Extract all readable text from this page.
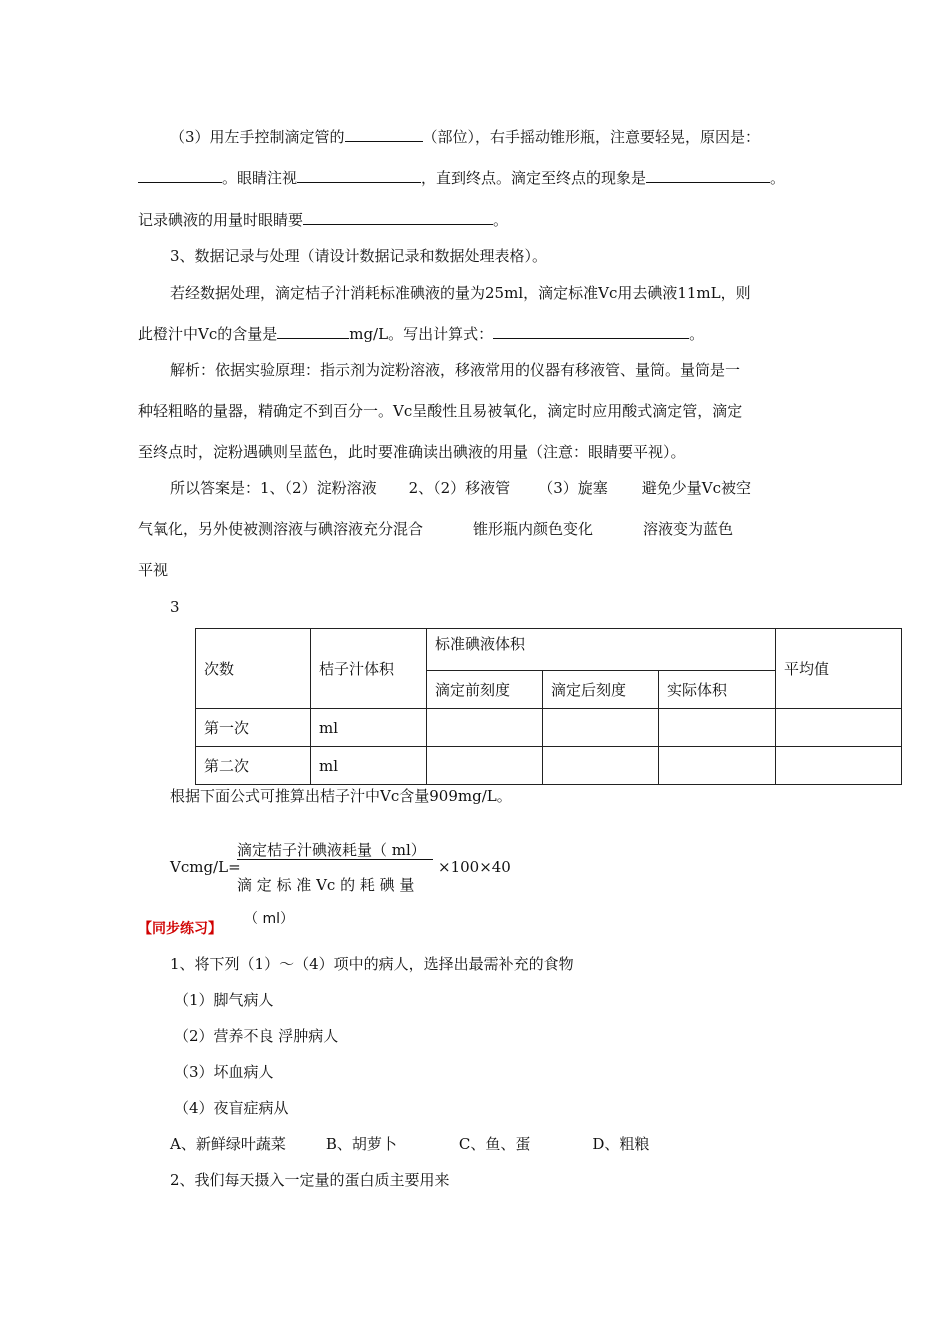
（3）用左手控制滴定管的	（部位），右手摇动锥形瓶，注意要轻晃，原因是：
。眼睛注视	，直到终点。滴定至终点的现象是	。
记录碘液的用量时眼睛要	。
3、数据记录与处理（请设计数据记录和数据处理表格）。
若经数据处理，滴定桔子汁消耗标准碘液的量为25ml，滴定标准Vc用去碘液11mL，则
此橙汁中Vc的含量是	mg/L。写出计算式：	。
解析：依据实验原理：指示剂为淀粉溶液，移液常用的仪器有移液管、量筒。量筒是一
种轻粗略的量器，精确定不到百分一。Vc呈酸性且易被氧化，滴定时应用酸式滴定管，滴定
至终点时，淀粉遇碘则呈蓝色，此时要准确读出碘液的用量（注意：眼睛要平视）。
所以答案是：1、（2）淀粉溶液 2、（2）移液管 （3）旋塞 避免少量Vc被空
气氧化，另外使被测溶液与碘溶液充分混合	锥形瓶内颜色变化	溶液变为蓝色
平视
3
次数	桔子汁体积	标准碘液体积			平均值
		滴定前刻度	滴定后刻度	实际体积	
第一次	ml				
第二次	ml				
根据下面公式可推算出桔子汁中Vc含量909mg/L。
Vcmg/L=
滴定桔子汁碘液耗量（ ml）
滴 定 标 准 Vc 的 耗 碘 量
×100×40
（ ml）
【同步练习】
1、将下列（1）～（4）项中的病人，选择出最需补充的食物
（1）脚气病人
（2）营养不良 浮肿病人
（3）坏血病人
（4）夜盲症病从
A、新鲜绿叶蔬菜	B、胡萝卜	C、鱼、蛋	D、粗粮
2、我们每天摄入一定量的蛋白质主要用来
